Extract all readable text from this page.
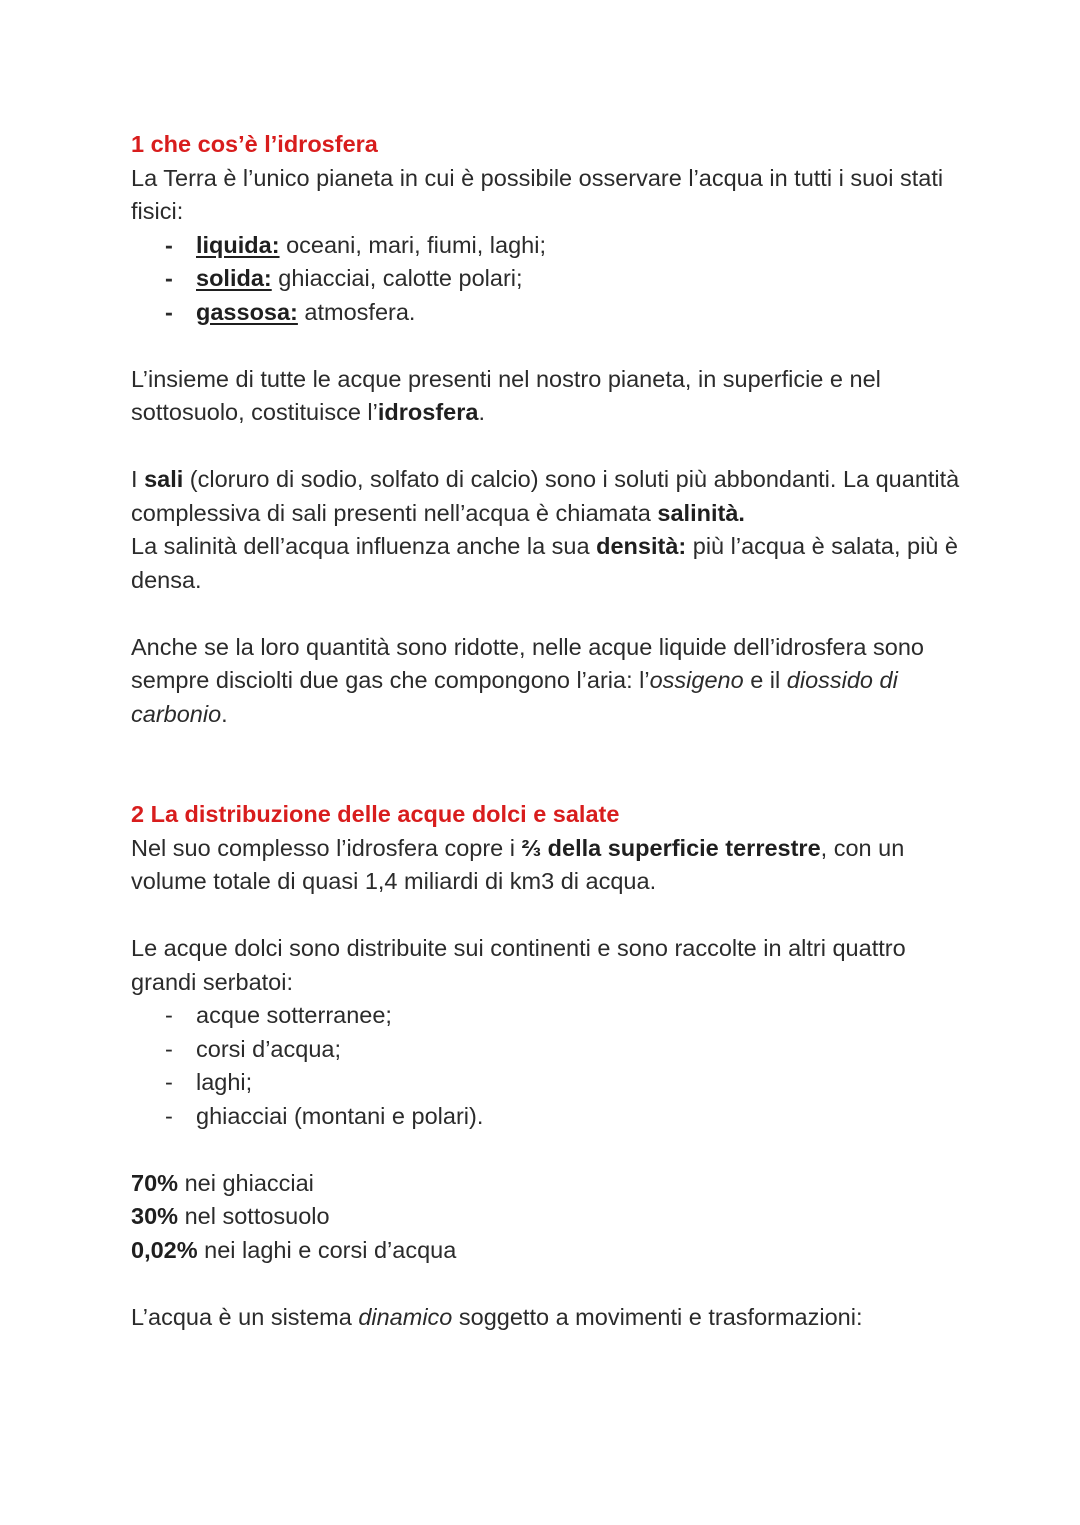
1 che cos’è l’idrosfera

La Terra è l’unico pianeta in cui è possibile osservare l’acqua in tutti i suoi stati fisici:

- liquida: oceani, mari, fiumi, laghi;
- solida: ghiacciai, calotte polari;
- gassosa: atmosfera.

L’insieme di tutte le acque presenti nel nostro pianeta, in superficie e nel sottosuolo, costituisce l’idrosfera.

I sali (cloruro di sodio, solfato di calcio) sono i soluti più abbondanti. La quantità complessiva di sali presenti nell’acqua è chiamata salinità.

La salinità dell’acqua influenza anche la sua densità: più l’acqua è salata, più è densa.

Anche se la loro quantità sono ridotte, nelle acque liquide dell’idrosfera sono sempre disciolti due gas che compongono l’aria: l’ossigeno e il diossido di carbonio.

2 La distribuzione delle acque dolci e salate

Nel suo complesso l’idrosfera copre i ⅔ della superficie terrestre, con un volume totale di quasi 1,4 miliardi di km3 di acqua.

Le acque dolci sono distribuite sui continenti e sono raccolte in altri quattro grandi serbatoi:

- acque sotterranee;
- corsi d’acqua;
- laghi;
- ghiacciai (montani e polari).

70% nei ghiacciai

30% nel sottosuolo

0,02% nei laghi e corsi d’acqua

L’acqua è un sistema dinamico soggetto a movimenti e trasformazioni:
